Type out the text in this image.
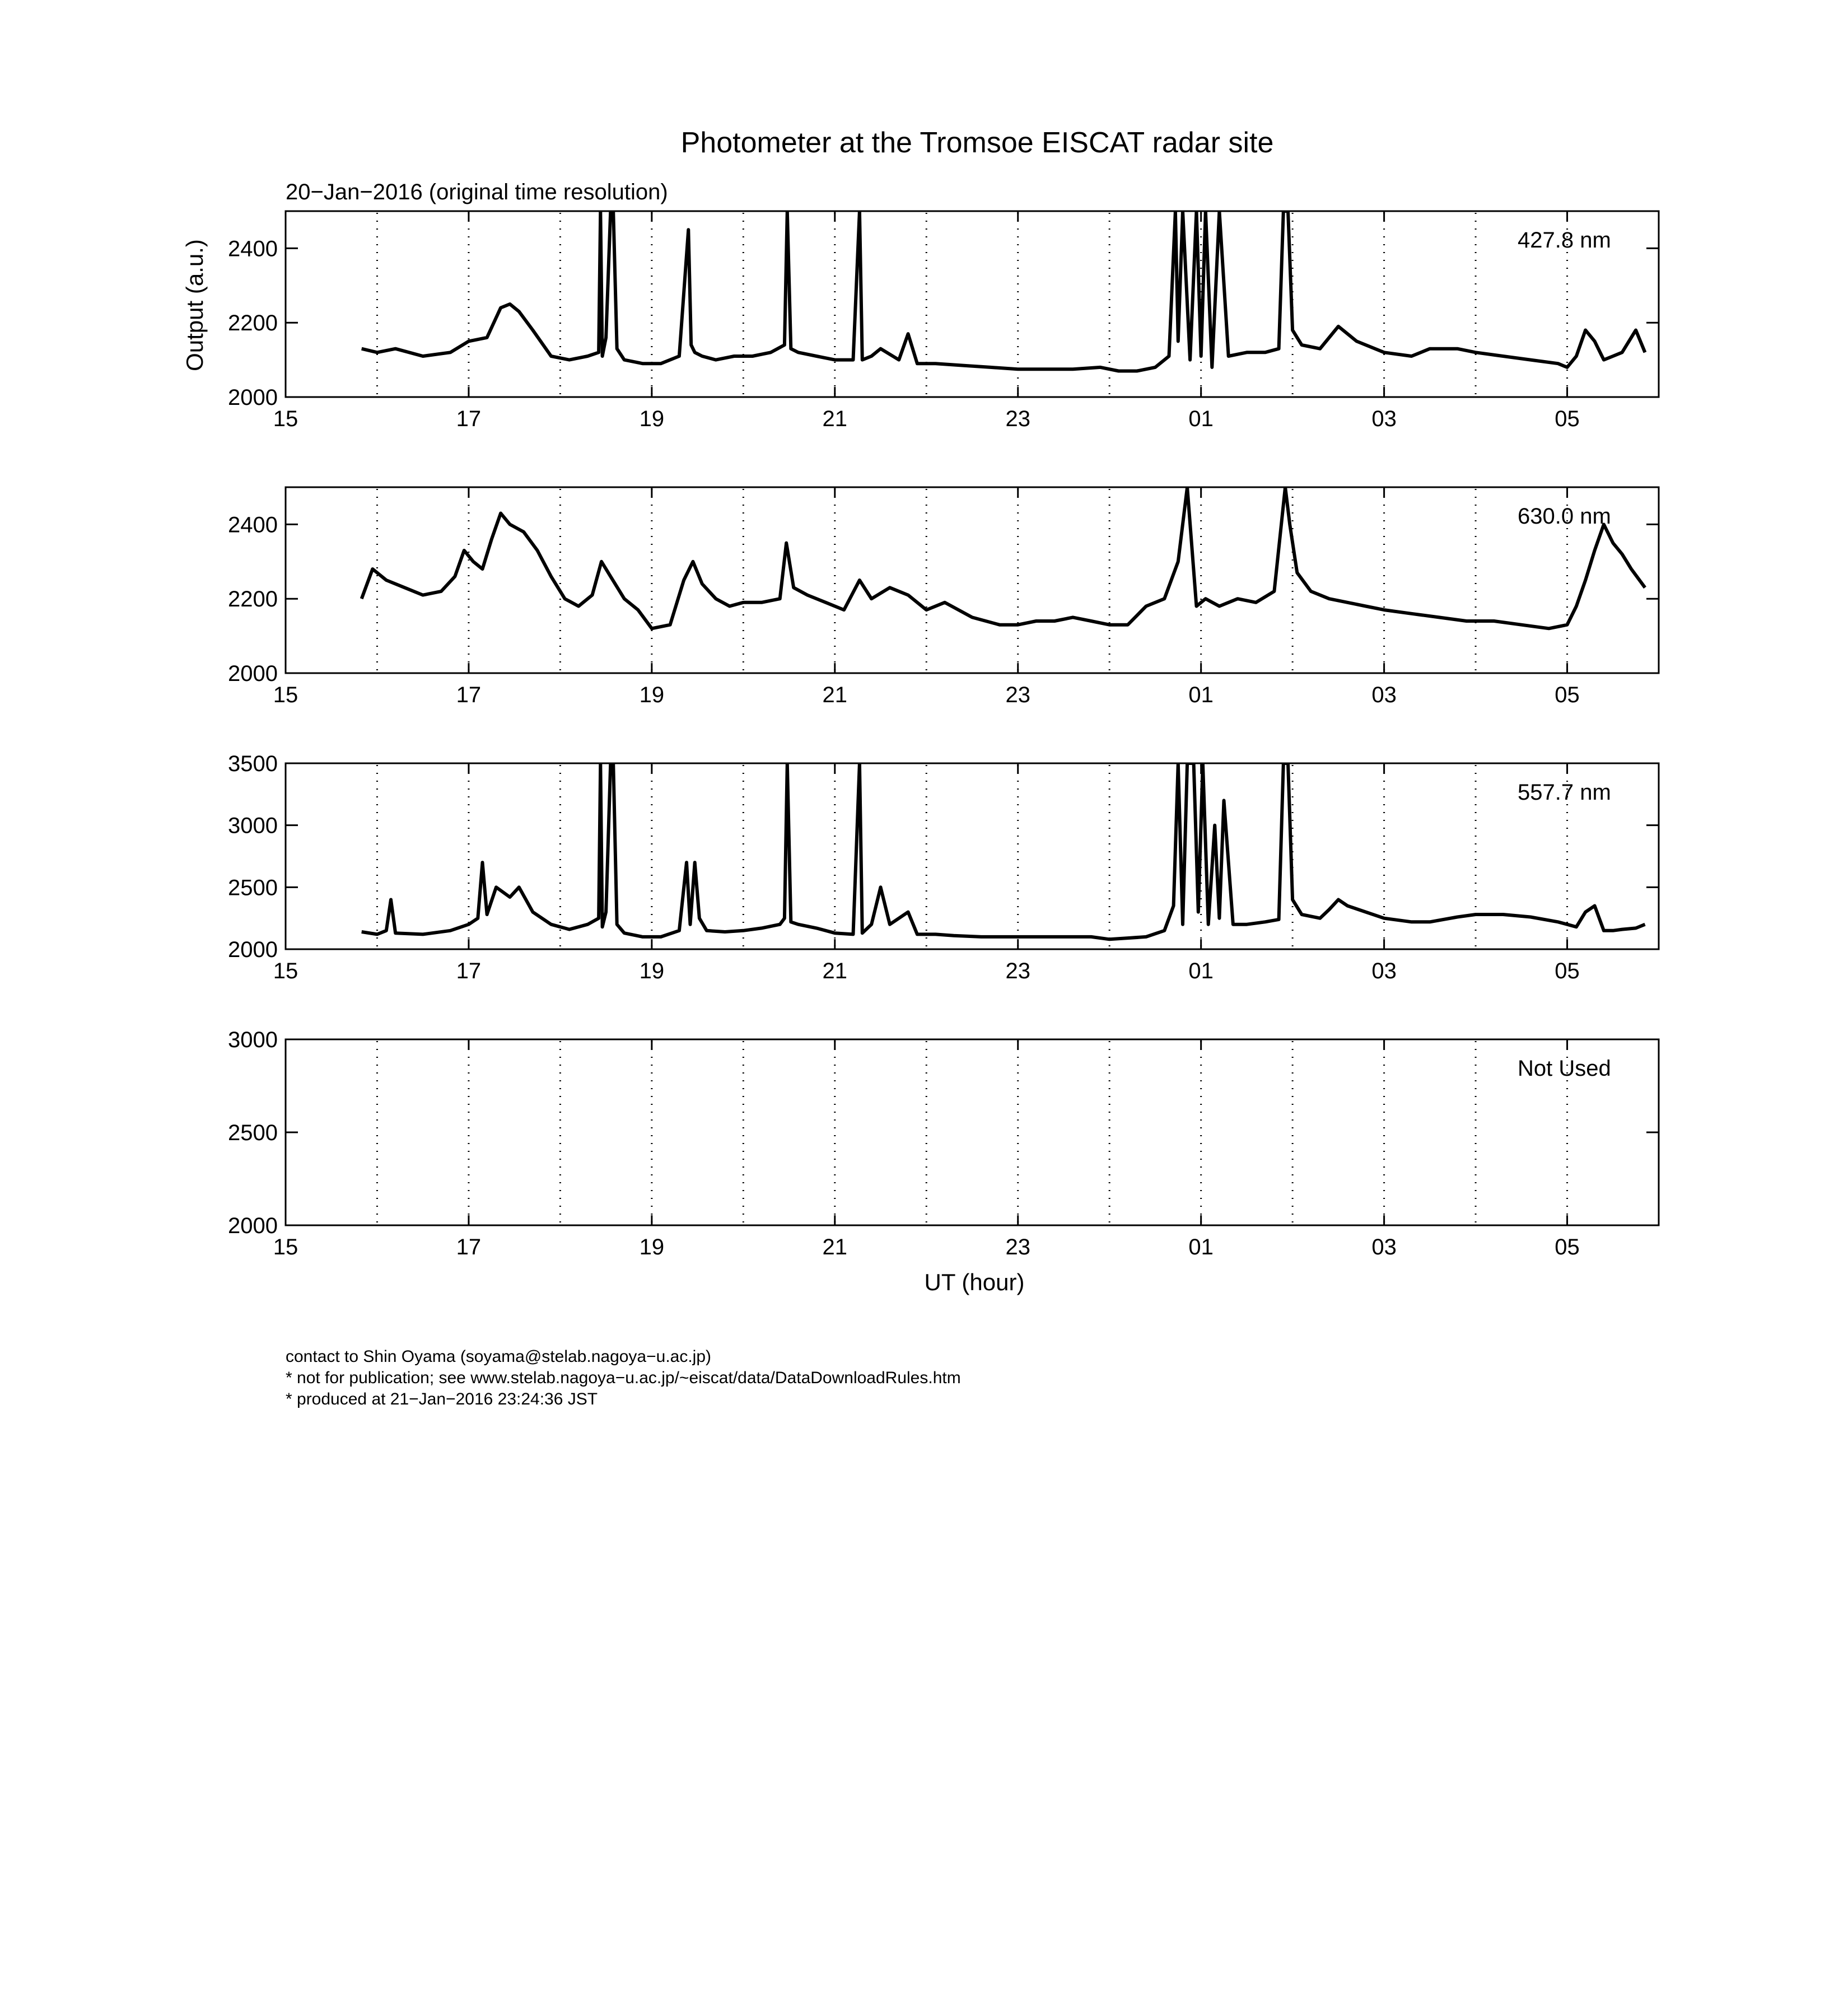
Photometer at the Tromsoe EISCAT radar site
20−Jan−2016 (original time resolution)
Output (a.u.)
UT (hour)
15	17	19	21	23	01	03	05
2000
2200
2400	427.8 nm
15	17	19	21	23	01	03	05
2000
2200
2400	630.0 nm
15	17	19	21	23	01	03	05
2000
2500
3000
3500
557.7 nm
15	17	19	21	23	01	03	05
2000
2500
3000
Not Used
contact to Shin Oyama (soyama@stelab.nagoya−u.ac.jp)
* not for publication; see www.stelab.nagoya−u.ac.jp/~eiscat/data/DataDownloadRules.htm
* produced at 21−Jan−2016 23:24:36 JST
